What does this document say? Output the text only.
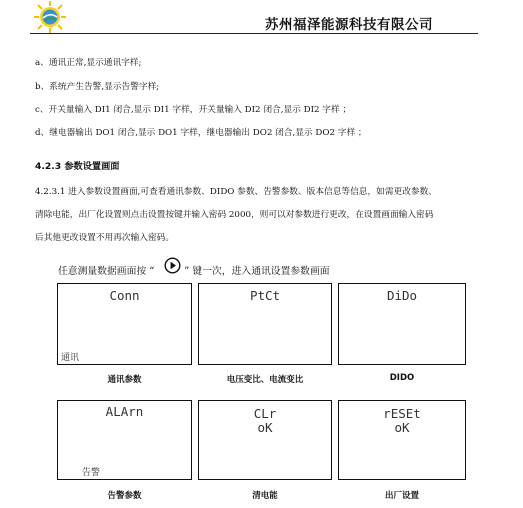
苏州福泽能源科技有限公司
a、通讯正常,显示通讯字样;
b、系统产生告警,显示告警字样;
c、开关量输入 DI1 闭合,显示 DI1 字样，开关量输入 DI2 闭合,显示 DI2 字样 ；
d、继电器输出 DO1 闭合,显示 DO1 字样，继电器输出 DO2 闭合,显示 DO2 字样 ；
4.2.3 参数设置画面
4.2.3.1 进入参数设置画面,可查看通讯参数、DIDO 参数、告警参数、版本信息等信息，如需更改参数、
清除电能，出厂化设置则点击设置按键并输入密码 2000，则可以对参数进行更改，在设置画面输入密码
后其他更改设置不用再次输入密码。
任意测量数据画面按 “	” 键一次，进入通讯设置参数画面
Conn
通讯
PtCt	DiDo
通讯参数	电压变比、电流变比	DIDO
ALArn
告警
CLr
oK
rESEt
oK
告警参数	清电能	出厂设置
